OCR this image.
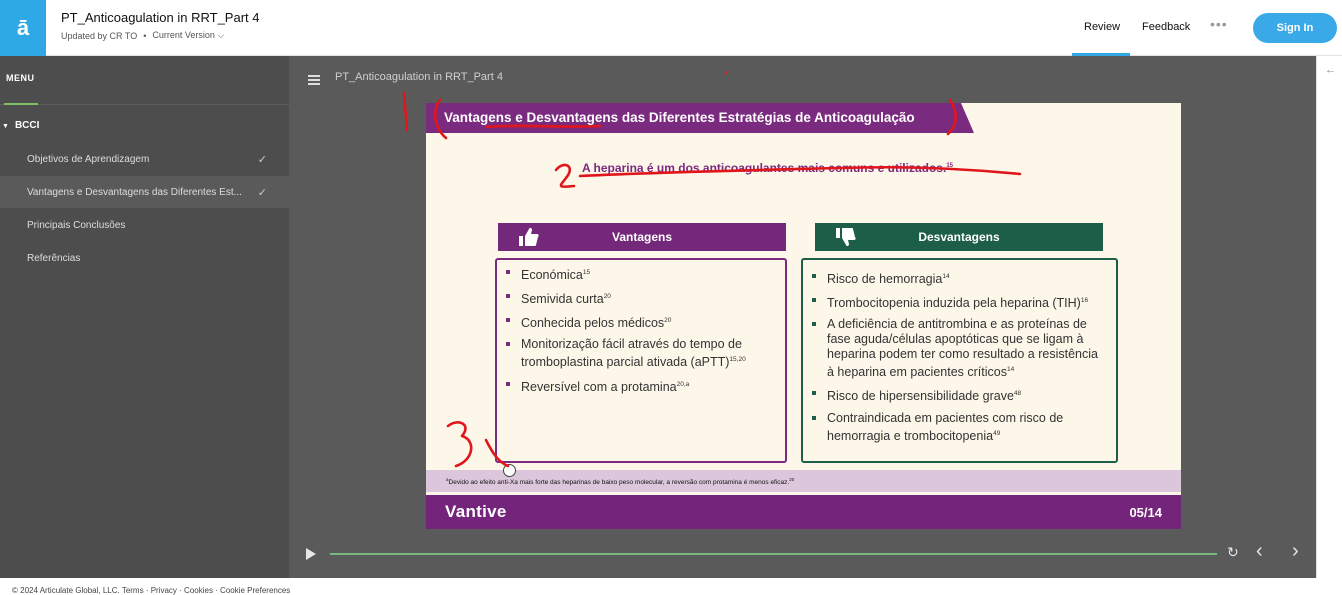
ā	PT_Anticoagulation in RRT_Part 4
Updated by CR TO • Current Version ⌵
Review Feedback •••	Sign In
MENU
▼ BCCI
Objetivos de Aprendizagem	✓
Vantagens e Desvantagens das Diferentes Est... ✓
Principais Conclusões
Referências
PT_Anticoagulation in RRT_Part 4
↻ ‹ ›
←
Vantagens e Desvantagens das Diferentes Estratégias de Anticoagulação
A heparina é um dos anticoagulantes mais comuns e utilizados.$^{15}$
Vantagens	Desvantagens
Económica$^{15}$
Semivida curta$^{20}$
Conhecida pelos médicos$^{20}$
Monitorização fácil através do tempo de tromboplastina parcial ativada (aPTT)$^{15,20}$
Reversível com a protamina$^{20,a}$
Risco de hemorragia$^{14}$
Trombocitopenia induzida pela heparina (TIH)$^{16}$
A deficiência de antitrombina e as proteínas de fase aguda/células apoptóticas que se ligam à heparina podem ter como resultado a resistência à heparina em pacientes críticos$^{14}$
Risco de hipersensibilidade grave$^{48}$
Contraindicada em pacientes com risco de hemorragia e trombocitopenia$^{49}$
$^a$Devido ao efeito anti-Xa mais forte das heparinas de baixo peso molecular, a reversão com protamina é menos eficaz.$^{20}$
Vantive	05/14
© 2024 Articulate Global, LLC. Terms · Privacy · Cookies · Cookie Preferences
